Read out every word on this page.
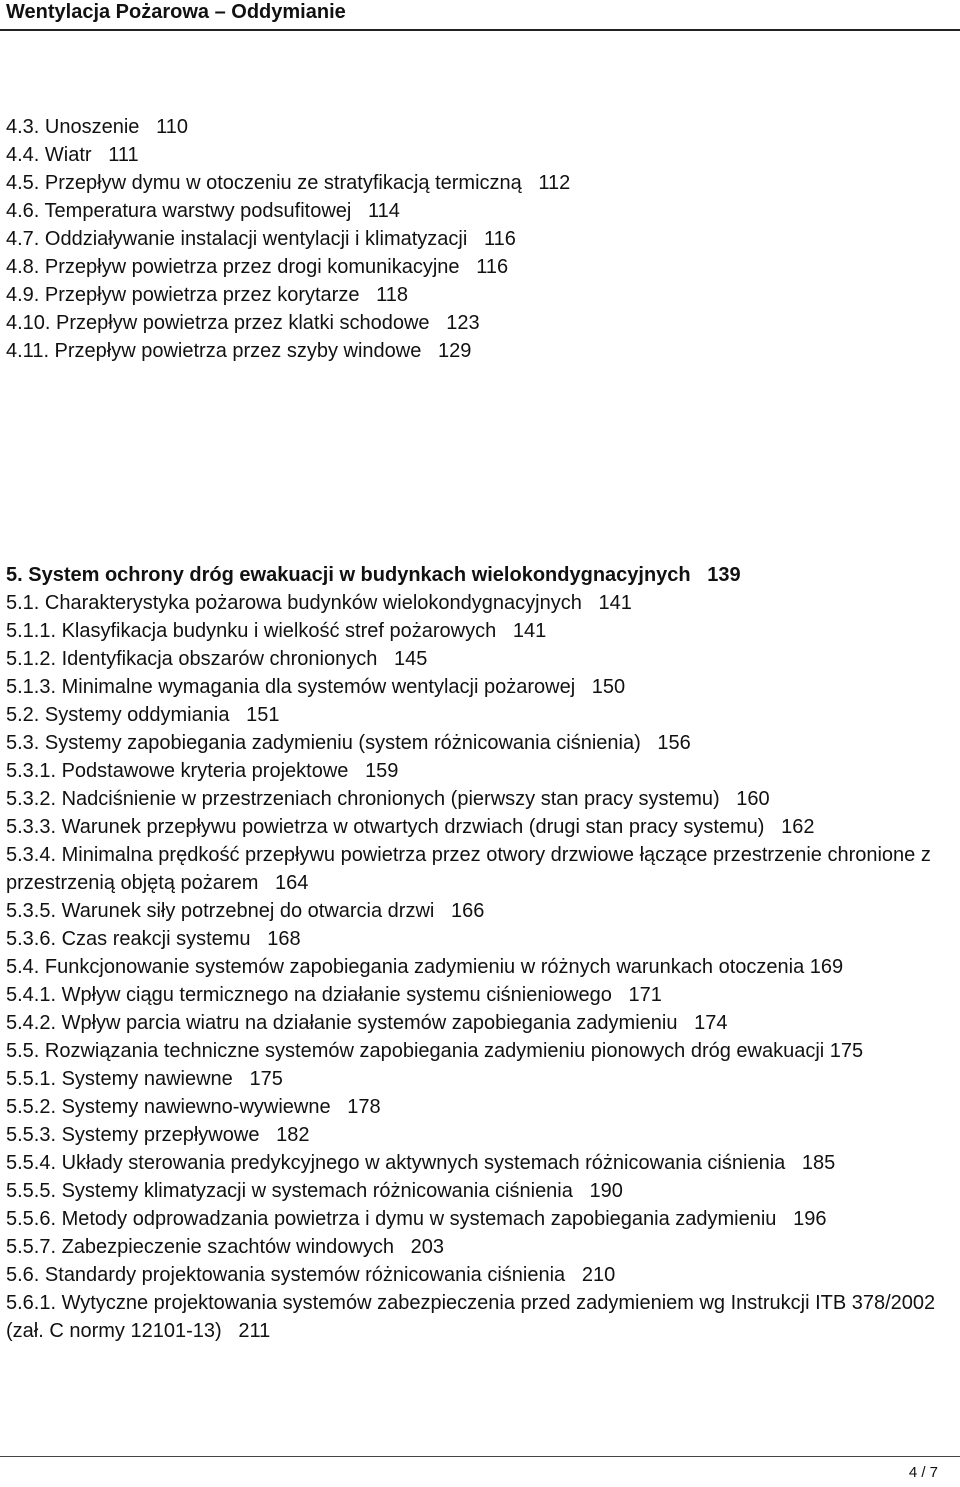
Wentylacja Pożarowa – Oddymianie

4.3. Unoszenie   110

4.4. Wiatr   111

4.5. Przepływ dymu w otoczeniu ze stratyfikacją termiczną   112

4.6. Temperatura warstwy podsufitowej   114

4.7. Oddziaływanie instalacji wentylacji i klimatyzacji   116

4.8. Przepływ powietrza przez drogi komunikacyjne   116

4.9. Przepływ powietrza przez korytarze   118

4.10. Przepływ powietrza przez klatki schodowe   123

4.11. Przepływ powietrza przez szyby windowe   129

5. System ochrony dróg ewakuacji w budynkach wielokondygnacyjnych   139

5.1. Charakterystyka pożarowa budynków wielokondygnacyjnych   141

5.1.1. Klasyfikacja budynku i wielkość stref pożarowych   141

5.1.2. Identyfikacja obszarów chronionych   145

5.1.3. Minimalne wymagania dla systemów wentylacji pożarowej   150

5.2. Systemy oddymiania   151

5.3. Systemy zapobiegania zadymieniu (system różnicowania ciśnienia)   156

5.3.1. Podstawowe kryteria projektowe   159

5.3.2. Nadciśnienie w przestrzeniach chronionych (pierwszy stan pracy systemu)   160

5.3.3. Warunek przepływu powietrza w otwartych drzwiach (drugi stan pracy systemu)   162

5.3.4. Minimalna prędkość przepływu powietrza przez otwory drzwiowe łączące przestrzenie chronione z przestrzenią objętą pożarem   164

5.3.5. Warunek siły potrzebnej do otwarcia drzwi   166

5.3.6. Czas reakcji systemu   168

5.4. Funkcjonowanie systemów zapobiegania zadymieniu w różnych warunkach otoczenia 169

5.4.1. Wpływ ciągu termicznego na działanie systemu ciśnieniowego   171

5.4.2. Wpływ parcia wiatru na działanie systemów zapobiegania zadymieniu   174

5.5. Rozwiązania techniczne systemów zapobiegania zadymieniu pionowych dróg ewakuacji 175

5.5.1. Systemy nawiewne   175

5.5.2. Systemy nawiewno-wywiewne   178

5.5.3. Systemy przepływowe   182

5.5.4. Układy sterowania predykcyjnego w aktywnych systemach różnicowania ciśnienia   185

5.5.5. Systemy klimatyzacji w systemach różnicowania ciśnienia   190

5.5.6. Metody odprowadzania powietrza i dymu w systemach zapobiegania zadymieniu   196

5.5.7. Zabezpieczenie szachtów windowych   203

5.6. Standardy projektowania systemów różnicowania ciśnienia   210

5.6.1. Wytyczne projektowania systemów zabezpieczenia przed zadymieniem wg Instrukcji ITB 378/2002 (zał. C normy 12101-13)   211

4 / 7
